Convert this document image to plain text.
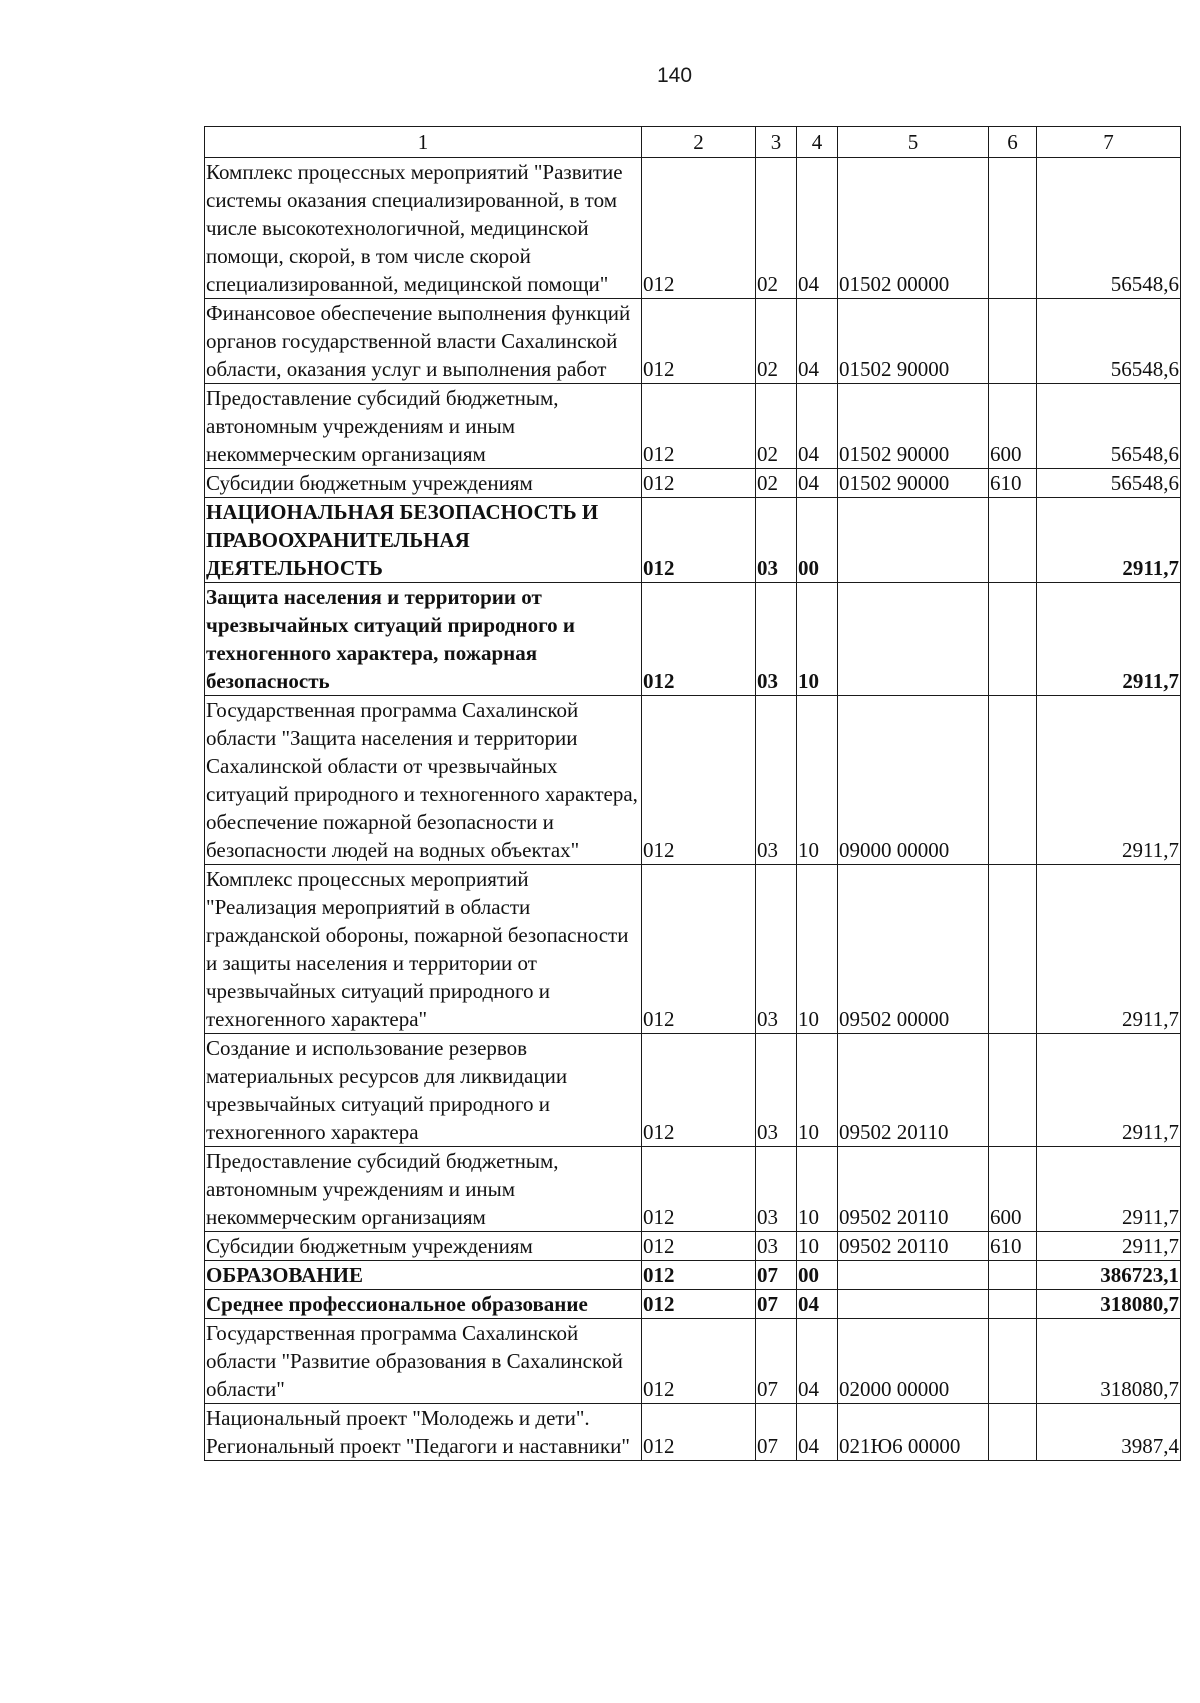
140
1	2	3	4	5	6	7
Комплекс процессных мероприятий "Развитие системы оказания специализированной, в том числе высокотехнологичной, медицинской помощи, скорой, в том числе скорой специализированной, медицинской помощи"	012	02	04	01502 00000		56548,6
Финансовое обеспечение выполнения функций органов государственной власти Сахалинской области, оказания услуг и выполнения работ	012	02	04	01502 90000		56548,6
Предоставление субсидий бюджетным, автономным учреждениям и иным некоммерческим организациям	012	02	04	01502 90000	600	56548,6
Субсидии бюджетным учреждениям	012	02	04	01502 90000	610	56548,6
НАЦИОНАЛЬНАЯ БЕЗОПАСНОСТЬ И ПРАВООХРАНИТЕЛЬНАЯ ДЕЯТЕЛЬНОСТЬ	012	03	00			2911,7
Защита населения и территории от чрезвычайных ситуаций природного и техногенного характера, пожарная безопасность	012	03	10			2911,7
Государственная программа Сахалинской области "Защита населения и территории Сахалинской области от чрезвычайных ситуаций природного и техногенного характера, обеспечение пожарной безопасности и безопасности людей на водных объектах"	012	03	10	09000 00000		2911,7
Комплекс процессных мероприятий "Реализация мероприятий в области гражданской обороны, пожарной безопасности и защиты населения и территории от чрезвычайных ситуаций природного и техногенного характера"	012	03	10	09502 00000		2911,7
Создание и использование резервов материальных ресурсов для ликвидации чрезвычайных ситуаций природного и техногенного характера	012	03	10	09502 20110		2911,7
Предоставление субсидий бюджетным, автономным учреждениям и иным некоммерческим организациям	012	03	10	09502 20110	600	2911,7
Субсидии бюджетным учреждениям	012	03	10	09502 20110	610	2911,7
ОБРАЗОВАНИЕ	012	07	00			386723,1
Среднее профессиональное образование	012	07	04			318080,7
Государственная программа Сахалинской области "Развитие образования в Сахалинской области"	012	07	04	02000 00000		318080,7
Национальный проект "Молодежь и дети". Региональный проект "Педагоги и наставники"	012	07	04	021Ю6 00000		3987,4
